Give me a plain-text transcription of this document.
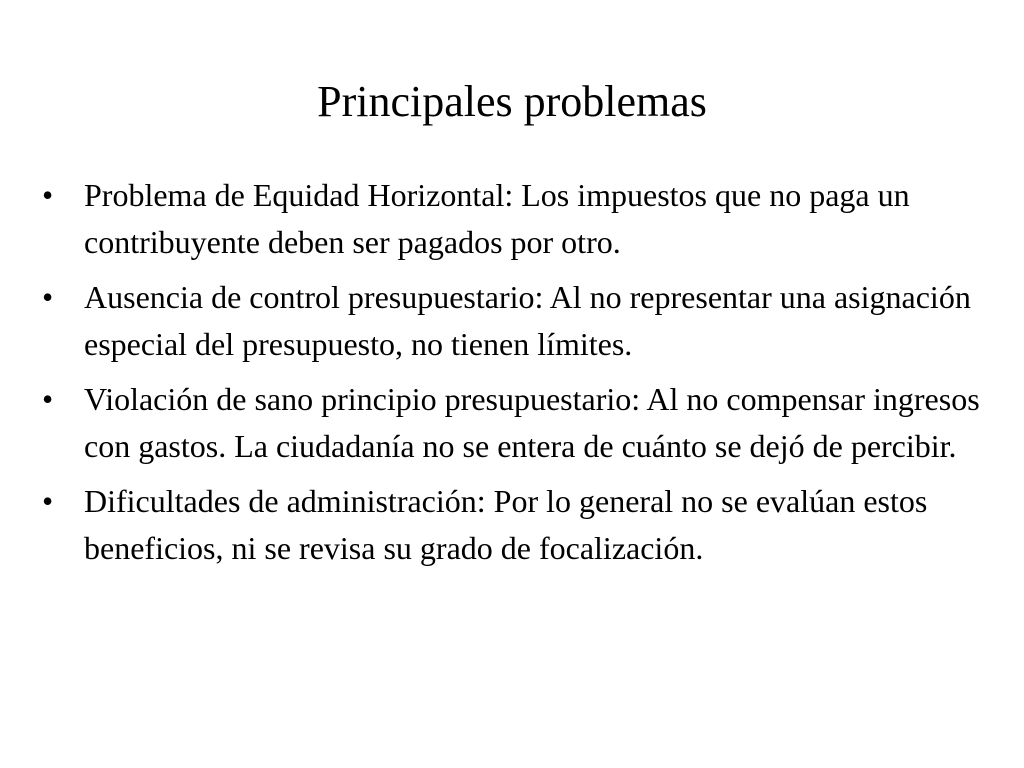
Principales problemas
• Problema de Equidad Horizontal: Los impuestos que no paga un contribuyente deben ser pagados por otro.
• Ausencia de control presupuestario: Al no representar una asignación especial del presupuesto, no tienen límites.
• Violación de sano principio presupuestario: Al no compensar ingresos con gastos. La ciudadanía no se entera de cuánto se dejó de percibir.
• Dificultades de administración: Por lo general no se evalúan estos beneficios, ni se revisa su grado de focalización.
